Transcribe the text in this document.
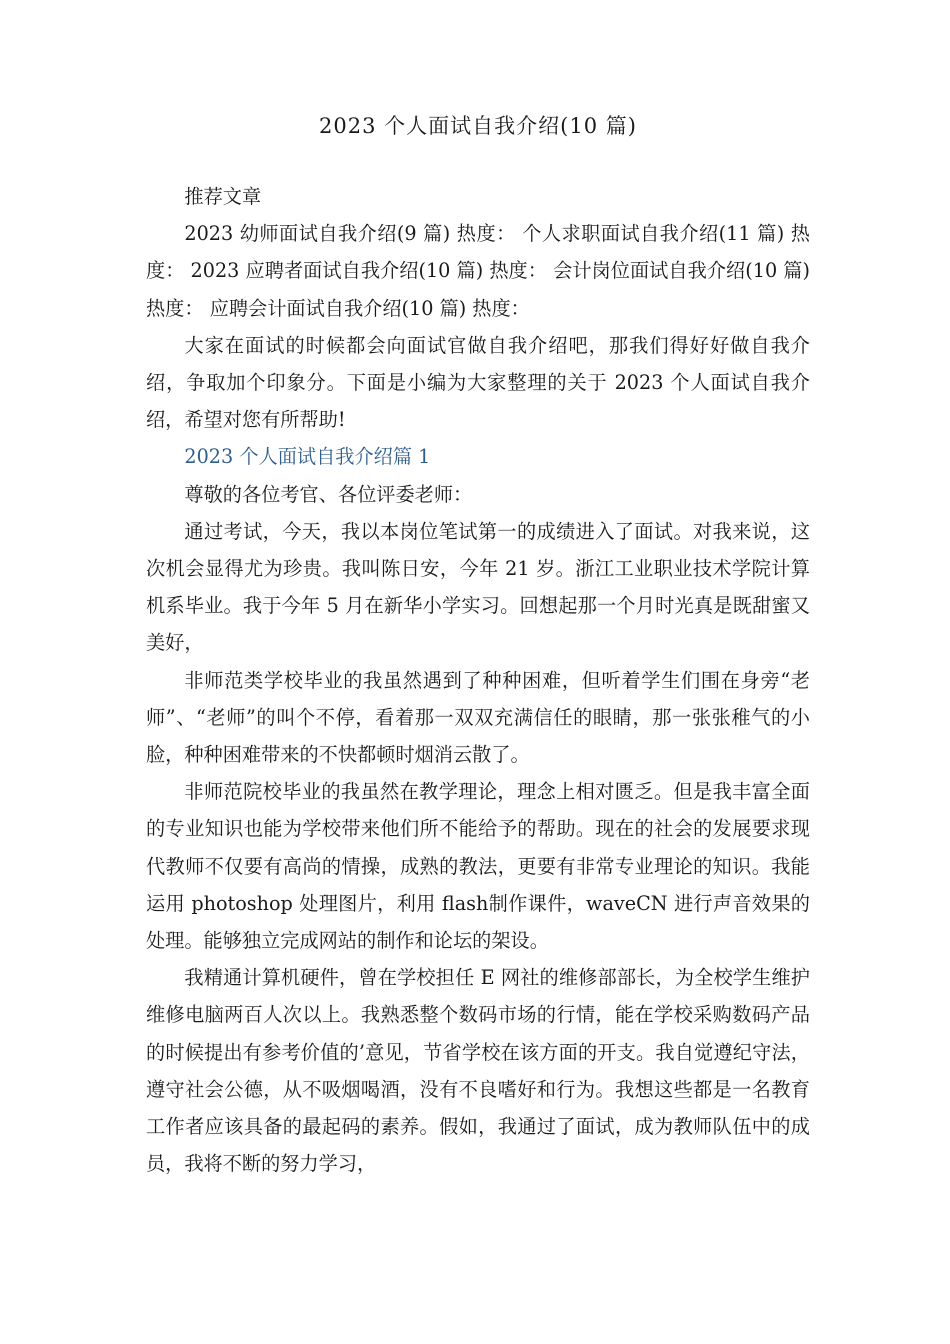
2023 个人面试自我介绍(10 篇)

推荐文章

2023 幼师面试自我介绍(9 篇) 热度： 个人求职面试自我介绍(11 篇) 热度： 2023 应聘者面试自我介绍(10 篇) 热度： 会计岗位面试自我介绍(10 篇) 热度： 应聘会计面试自我介绍(10 篇) 热度：

大家在面试的时候都会向面试官做自我介绍吧，那我们得好好做自我介绍，争取加个印象分。下面是小编为大家整理的关于 2023 个人面试自我介绍，希望对您有所帮助!

2023 个人面试自我介绍篇 1

尊敬的各位考官、各位评委老师：

通过考试，今天，我以本岗位笔试第一的成绩进入了面试。对我来说，这次机会显得尤为珍贵。我叫陈日安，今年 21 岁。浙江工业职业技术学院计算机系毕业。我于今年 5 月在新华小学实习。回想起那一个月时光真是既甜蜜又美好，

非师范类学校毕业的我虽然遇到了种种困难，但听着学生们围在身旁“老师”、“老师”的叫个不停，看着那一双双充满信任的眼睛，那一张张稚气的小脸，种种困难带来的不快都顿时烟消云散了。

非师范院校毕业的我虽然在教学理论，理念上相对匮乏。但是我丰富全面的专业知识也能为学校带来他们所不能给予的帮助。现在的社会的发展要求现代教师不仅要有高尚的情操，成熟的教法，更要有非常专业理论的知识。我能运用 photoshop 处理图片，利用 flash制作课件，waveCN 进行声音效果的处理。能够独立完成网站的制作和论坛的架设。

我精通计算机硬件，曾在学校担任 E 网社的维修部部长，为全校学生维护维修电脑两百人次以上。我熟悉整个数码市场的行情，能在学校采购数码产品的时候提出有参考价值的’意见，节省学校在该方面的开支。我自觉遵纪守法，遵守社会公德，从不吸烟喝酒，没有不良嗜好和行为。我想这些都是一名教育工作者应该具备的最起码的素养。假如，我通过了面试，成为教师队伍中的成员，我将不断的努力学习，
